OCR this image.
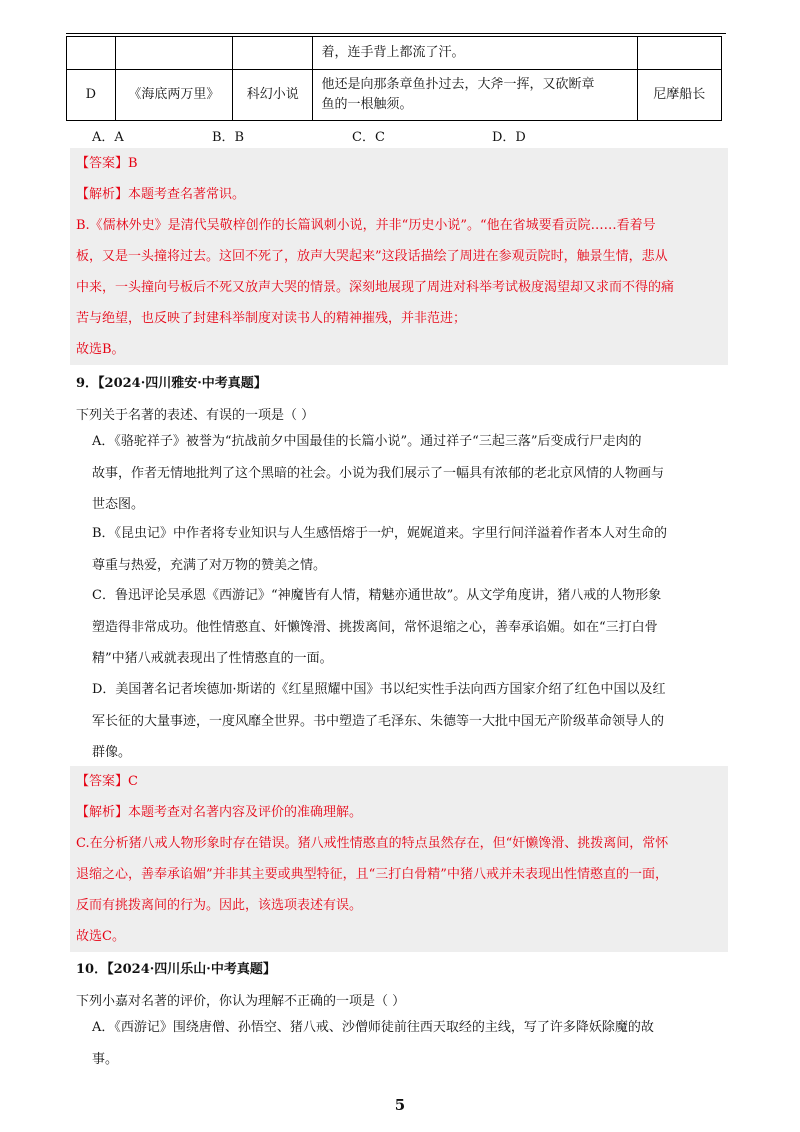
			着，连手背上都流了汗。	
D	《海底两万里》	科幻小说	他还是向那条章鱼扑过去，大斧一挥，又砍断章
鱼的一根触须。	尼摩船长
A．A	B．B	C．C	D．D

【答案】B

【解析】本题考查名著常识。

B.《儒林外史》是清代吴敬梓创作的长篇讽刺小说，并非“历史小说”。“他在省城要看贡院……看着号

板，又是一头撞将过去。这回不死了，放声大哭起来”这段话描绘了周进在参观贡院时，触景生情，悲从

中来，一头撞向号板后不死又放声大哭的情景。深刻地展现了周进对科举考试极度渴望却又求而不得的痛

苦与绝望，也反映了封建科举制度对读书人的精神摧残，并非范进；

故选B。

9．【2024·四川雅安·中考真题】
下列关于名著的表述、有误的一项是（ ）

A．《骆驼祥子》被誉为“抗战前夕中国最佳的长篇小说”。通过祥子“三起三落”后变成行尸走肉的

故事，作者无情地批判了这个黑暗的社会。小说为我们展示了一幅具有浓郁的老北京风情的人物画与

世态图。

B．《昆虫记》中作者将专业知识与人生感悟熔于一炉，娓娓道来。字里行间洋溢着作者本人对生命的

尊重与热爱，充满了对万物的赞美之情。

C．鲁迅评论吴承恩《西游记》“神魔皆有人情，精魅亦通世故”。从文学角度讲，猪八戒的人物形象

塑造得非常成功。他性情憨直、奸懒馋滑、挑拨离间，常怀退缩之心，善奉承谄媚。如在“三打白骨

精”中猪八戒就表现出了性情憨直的一面。

D．美国著名记者埃德加·斯诺的《红星照耀中国》书以纪实性手法向西方国家介绍了红色中国以及红

军长征的大量事迹，一度风靡全世界。书中塑造了毛泽东、朱德等一大批中国无产阶级革命领导人的

群像。

【答案】C

【解析】本题考查对名著内容及评价的准确理解。

C.在分析猪八戒人物形象时存在错误。猪八戒性情憨直的特点虽然存在，但“奸懒馋滑、挑拨离间，常怀

退缩之心，善奉承谄媚”并非其主要或典型特征，且“三打白骨精”中猪八戒并未表现出性情憨直的一面，

反而有挑拨离间的行为。因此，该选项表述有误。

故选C。

10．【2024·四川乐山·中考真题】
下列小嘉对名著的评价，你认为理解不正确的一项是（ ）

A．《西游记》围绕唐僧、孙悟空、猪八戒、沙僧师徒前往西天取经的主线，写了许多降妖除魔的故

事。

5
